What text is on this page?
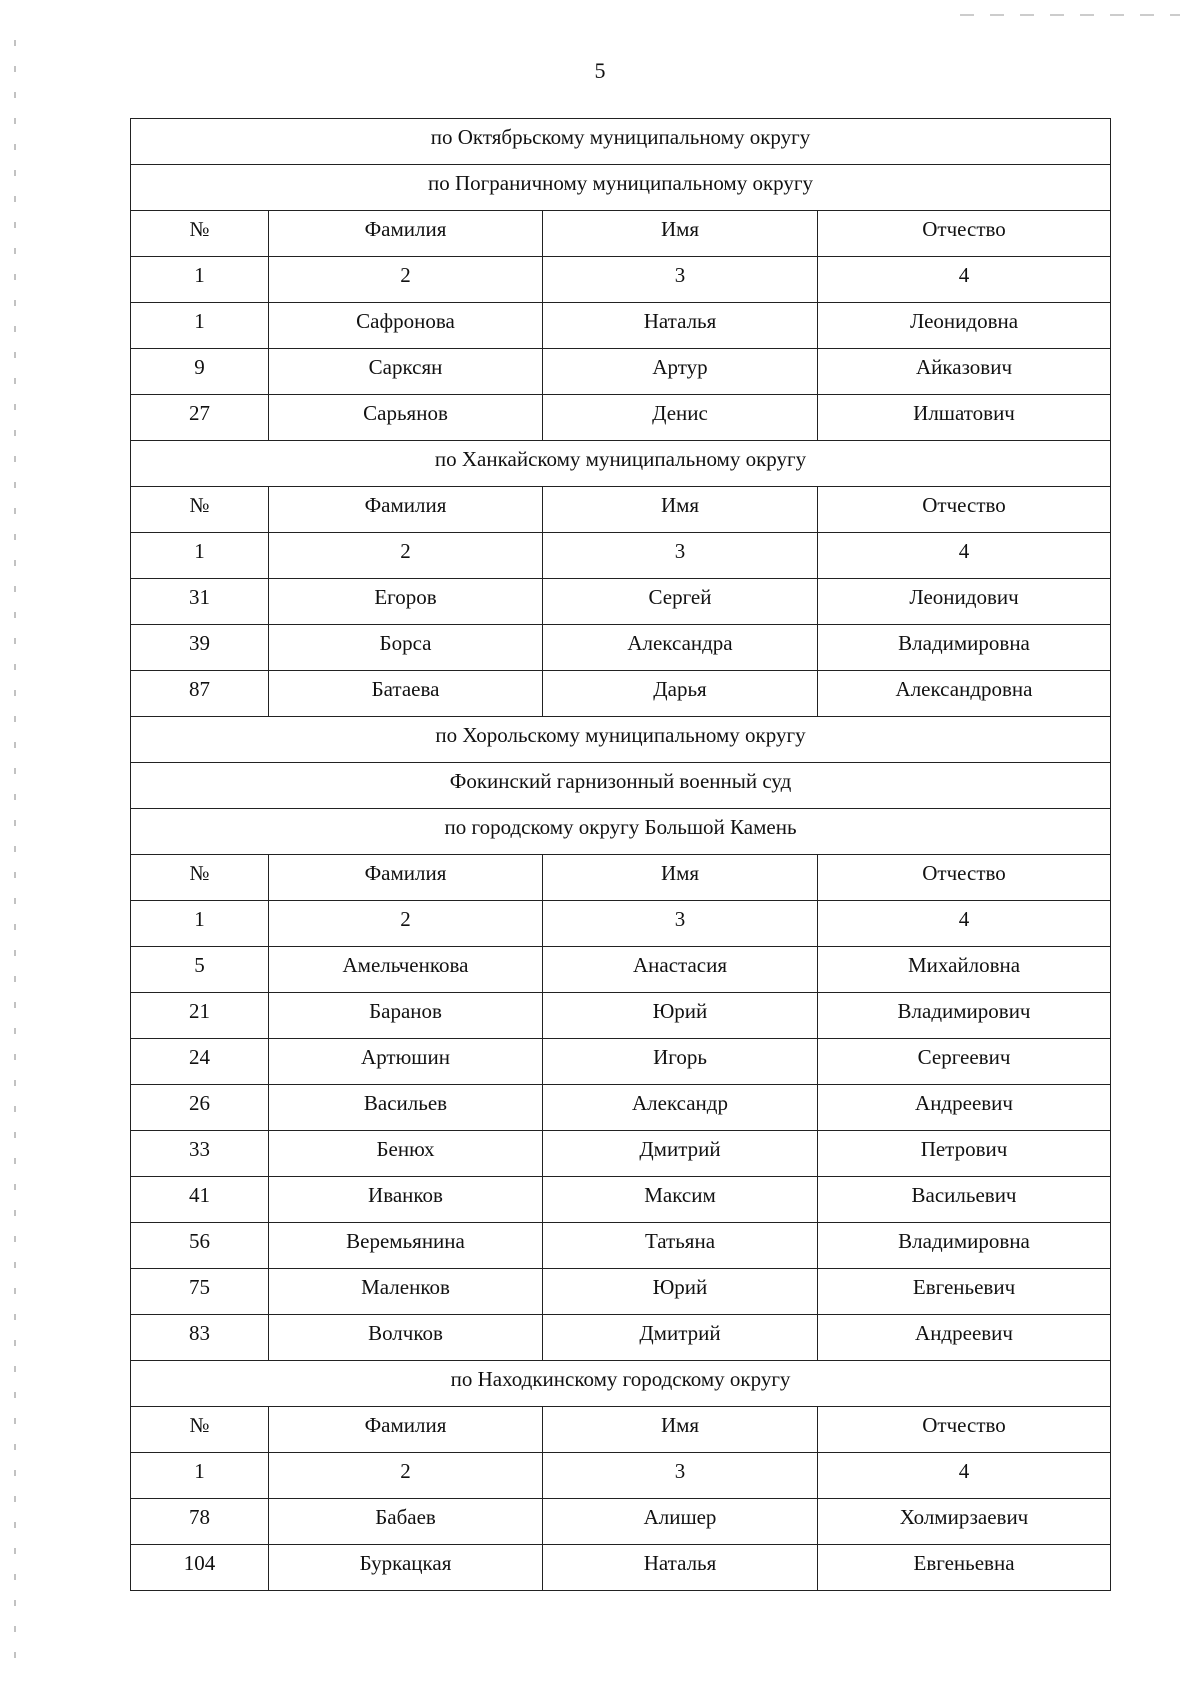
5
по Октябрьскому муниципальному округу			
по Пограничному муниципальному округу			
№	Фамилия	Имя	Отчество
1	2	3	4
1	Сафронова	Наталья	Леонидовна
9	Сарксян	Артур	Айказович
27	Сарьянов	Денис	Илшатович
по Ханкайскому муниципальному округу			
№	Фамилия	Имя	Отчество
1	2	3	4
31	Егоров	Сергей	Леонидович
39	Борса	Александра	Владимировна
87	Батаева	Дарья	Александровна
по Хорольскому муниципальному округу			
Фокинский гарнизонный военный суд			
по городскому округу Большой Камень			
№	Фамилия	Имя	Отчество
1	2	3	4
5	Амельченкова	Анастасия	Михайловна
21	Баранов	Юрий	Владимирович
24	Артюшин	Игорь	Сергеевич
26	Васильев	Александр	Андреевич
33	Бенюх	Дмитрий	Петрович
41	Иванков	Максим	Васильевич
56	Веремьянина	Татьяна	Владимировна
75	Маленков	Юрий	Евгеньевич
83	Волчков	Дмитрий	Андреевич
по Находкинскому городскому округу			
№	Фамилия	Имя	Отчество
1	2	3	4
78	Бабаев	Алишер	Холмирзаевич
104	Буркацкая	Наталья	Евгеньевна
